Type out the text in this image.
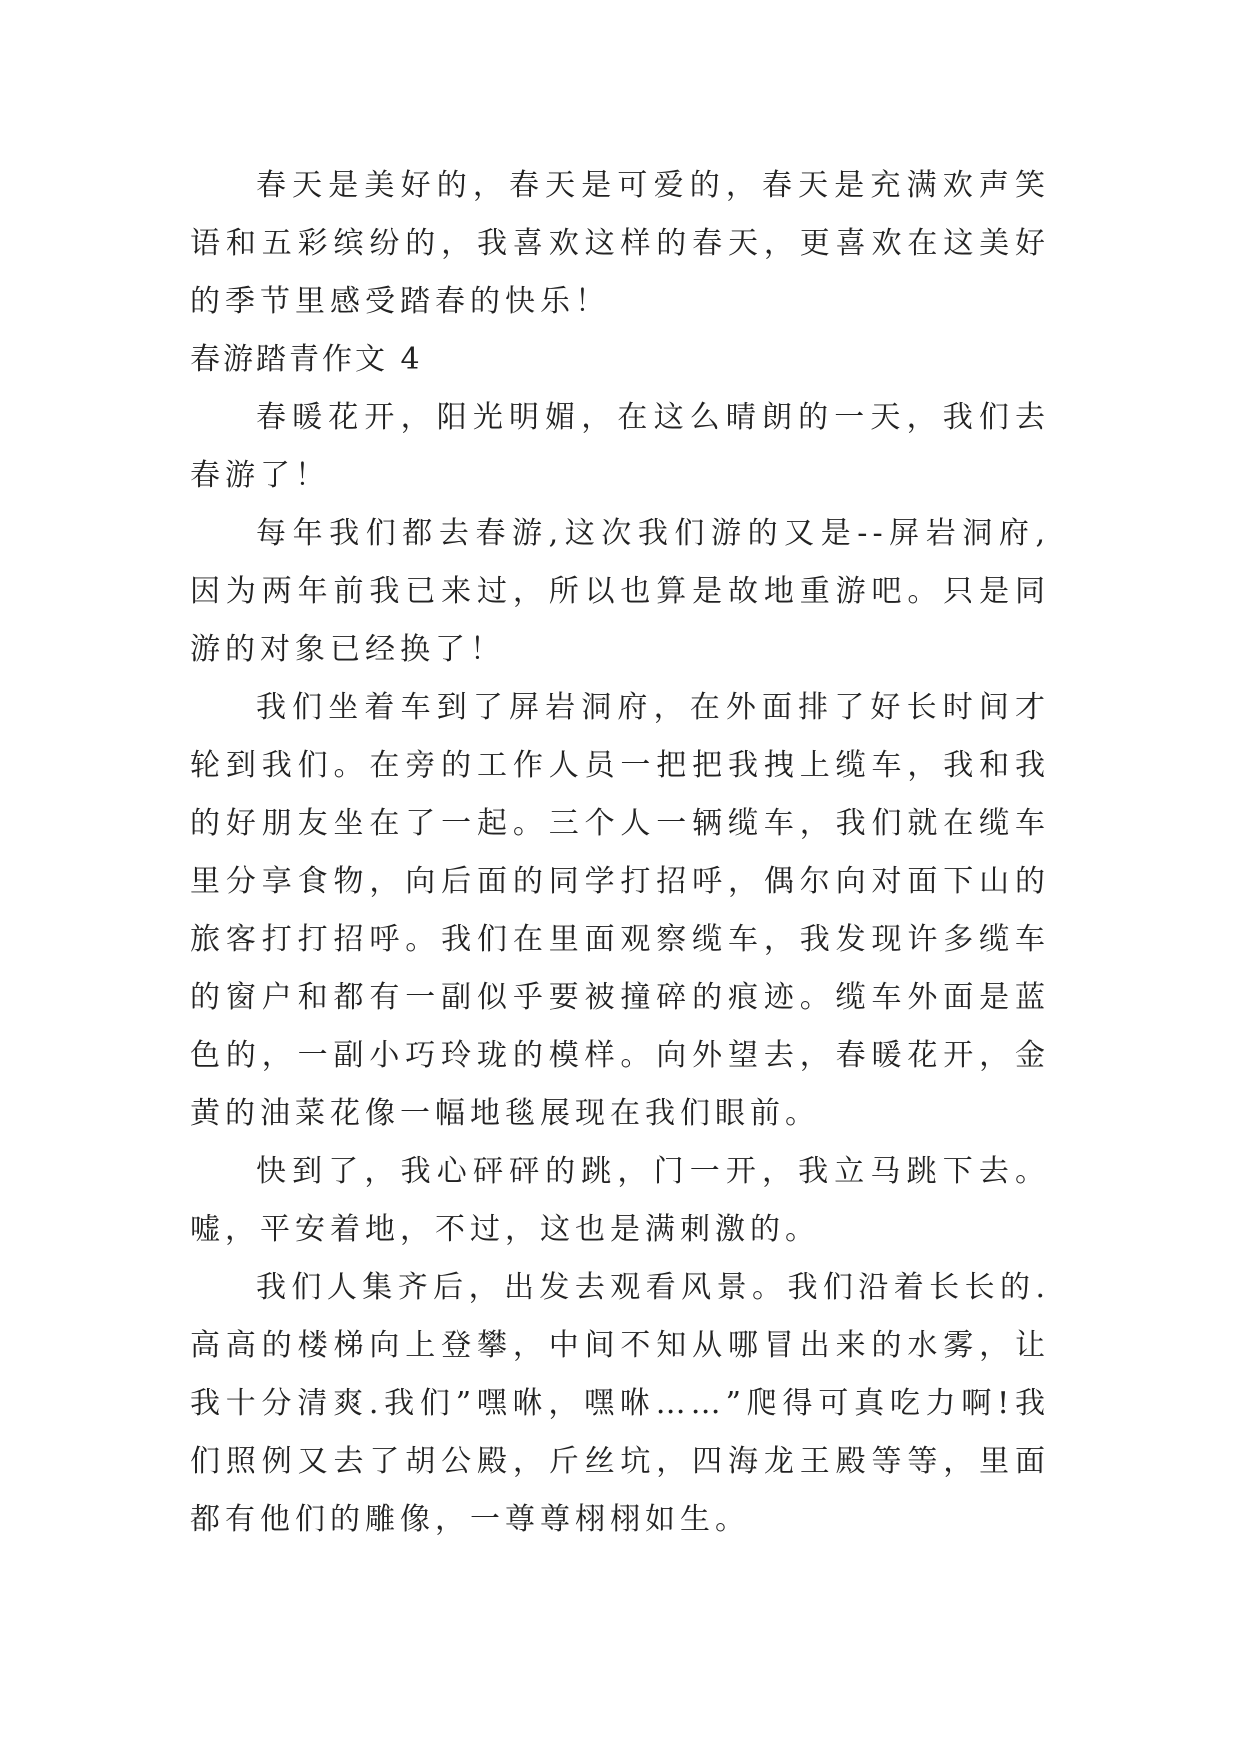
春天是美好的，春天是可爱的，春天是充满欢声笑语和五彩缤纷的，我喜欢这样的春天，更喜欢在这美好的季节里感受踏春的快乐！

春游踏青作文 4

春暖花开，阳光明媚，在这么晴朗的一天，我们去春游了！

每年我们都去春游,这次我们游的又是--屏岩洞府,因为两年前我已来过，所以也算是故地重游吧。只是同游的对象已经换了！

我们坐着车到了屏岩洞府，在外面排了好长时间才轮到我们。在旁的工作人员一把把我拽上缆车，我和我的好朋友坐在了一起。三个人一辆缆车，我们就在缆车里分享食物，向后面的同学打招呼，偶尔向对面下山的旅客打打招呼。我们在里面观察缆车，我发现许多缆车的窗户和都有一副似乎要被撞碎的痕迹。缆车外面是蓝色的，一副小巧玲珑的模样。向外望去，春暖花开，金黄的油菜花像一幅地毯展现在我们眼前。

快到了，我心砰砰的跳，门一开，我立马跳下去。嘘，平安着地，不过，这也是满刺激的。

我们人集齐后，出发去观看风景。我们沿着长长的.高高的楼梯向上登攀，中间不知从哪冒出来的水雾，让我十分清爽.我们”嘿咻，嘿咻……”爬得可真吃力啊!我们照例又去了胡公殿，斤丝坑，四海龙王殿等等，里面都有他们的雕像，一尊尊栩栩如生。
